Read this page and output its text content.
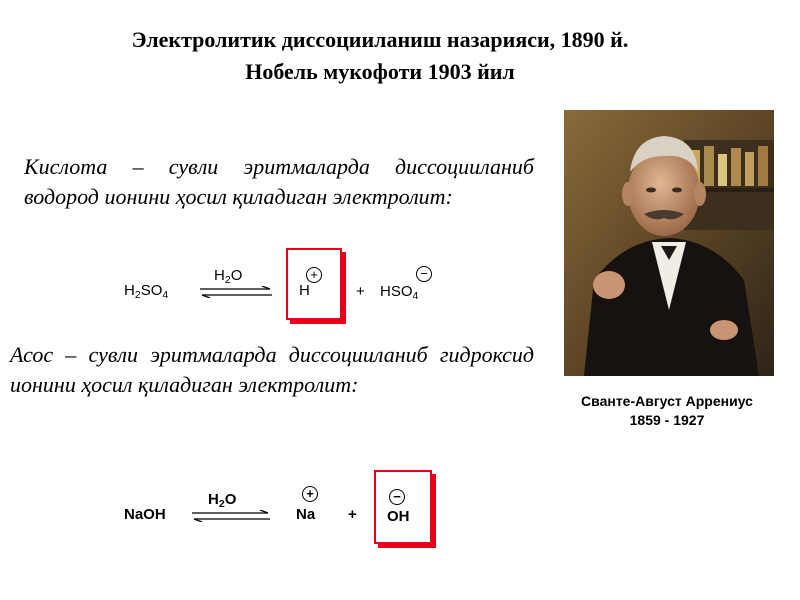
Электролитик диссоцииланиш назарияси, 1890 й.
Нобель мукофоти 1903 йил
Кислота – сувли эритмаларда диссоцииланиб водород ионини ҳосил қиладиган электролит:
$H_2SO_4$
$H_2O$
H
+
+ $HSO_4$
−
Асос – сувли эритмаларда диссоцииланиб гидроксид ионини ҳосил қиладиган электролит:
NaOH
$H_2O$
Na
+
+ OH
−
Сванте-Август Аррениус
1859 - 1927
